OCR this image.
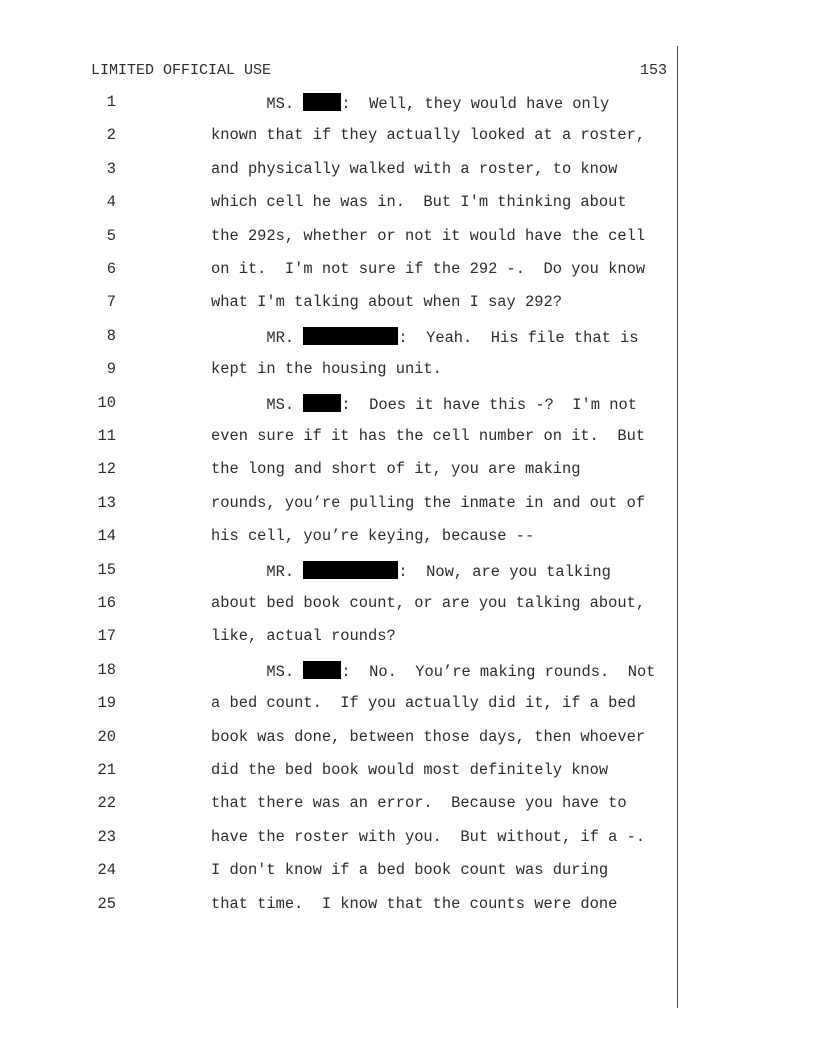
LIMITED OFFICIAL USE	153
1	MS.	:  Well, they would have only
2	known that if they actually looked at a roster,
3	and physically walked with a roster, to know
4	which cell he was in.  But I'm thinking about
5	the 292s, whether or not it would have the cell
6	on it.  I'm not sure if the 292 -.  Do you know
7	what I'm talking about when I say 292?
8	MR.	:  Yeah.  His file that is
9	kept in the housing unit.
10	MS.	:  Does it have this -?  I'm not
11	even sure if it has the cell number on it.  But
12	the long and short of it, you are making
13	rounds, you’re pulling the inmate in and out of
14	his cell, you’re keying, because --
15	MR.	:  Now, are you talking
16	about bed book count, or are you talking about,
17	like, actual rounds?
18	MS.	:  No.  You’re making rounds.  Not
19	a bed count.  If you actually did it, if a bed
20	book was done, between those days, then whoever
21	did the bed book would most definitely know
22	that there was an error.  Because you have to
23	have the roster with you.  But without, if a -.
24	I don't know if a bed book count was during
25	that time.  I know that the counts were done
